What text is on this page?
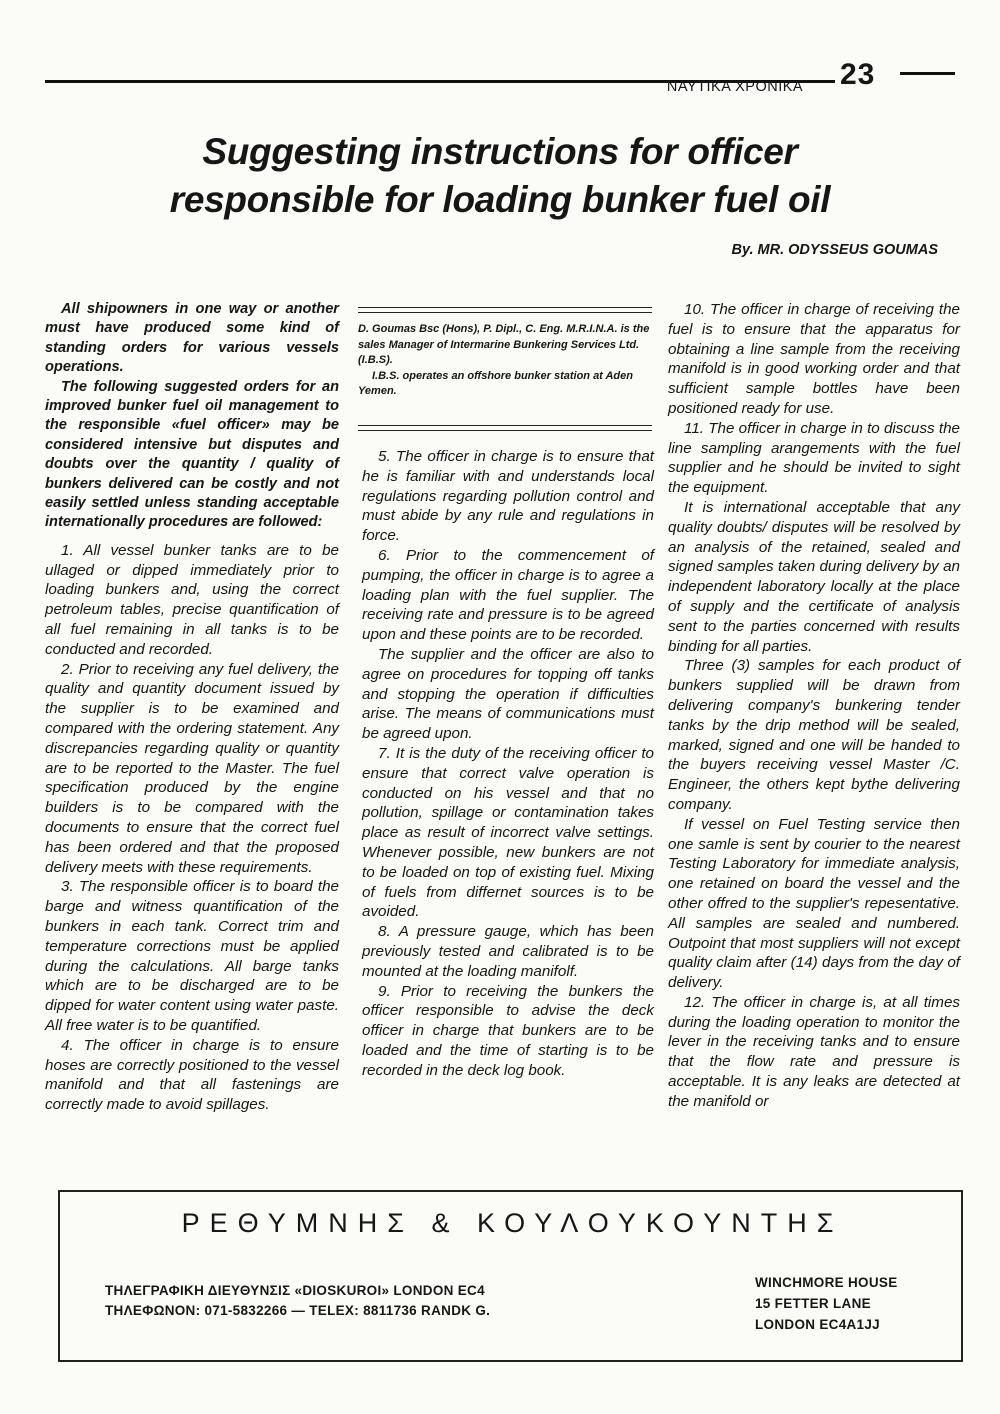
ΝΑΥΤΙΚΑ ΧΡΟΝΙΚΑ	23
Suggesting instructions for officer
responsible for loading bunker fuel oil
By. MR. ODYSSEUS GOUMAS

All shipowners in one way or another must have produced some kind of standing orders for various vessels operations.

The following suggested orders for an improved bunker fuel oil management to the responsible «fuel officer» may be considered intensive but disputes and doubts over the quantity / quality of bunkers delivered can be costly and not easily settled unless standing acceptable internationally procedures are followed:

1. All vessel bunker tanks are to be ullaged or dipped immediately prior to loading bunkers and, using the correct petroleum tables, precise quantification of all fuel remaining in all tanks is to be conducted and recorded.

2. Prior to receiving any fuel delivery, the quality and quantity document issued by the supplier is to be examined and compared with the ordering statement. Any discrepancies regarding quality or quantity are to be reported to the Master. The fuel specification produced by the engine builders is to be compared with the documents to ensure that the correct fuel has been ordered and that the proposed delivery meets with these requirements.

3. The responsible officer is to board the barge and witness quantification of the bunkers in each tank. Correct trim and temperature corrections must be applied during the calculations. All barge tanks which are to be discharged are to be dipped for water content using water paste. All free water is to be quantified.

4. The officer in charge is to ensure hoses are correctly positioned to the vessel manifold and that all fastenings are correctly made to avoid spillages.

D. Goumas Bsc (Hons), P. Dipl., C. Eng. M.R.I.N.A. is the sales Manager of Intermarine Bunkering Services Ltd. (I.B.S).

I.B.S. operates an offshore bunker station at Aden Yemen.

5. The officer in charge is to ensure that he is familiar with and understands local regulations regarding pollution control and must abide by any rule and regulations in force.

6. Prior to the commencement of pumping, the officer in charge is to agree a loading plan with the fuel supplier. The receiving rate and pressure is to be agreed upon and these points are to be recorded.

The supplier and the officer are also to agree on procedures for topping off tanks and stopping the operation if difficulties arise. The means of communications must be agreed upon.

7. It is the duty of the receiving officer to ensure that correct valve operation is conducted on his vessel and that no pollution, spillage or contamination takes place as result of incorrect valve settings. Whenever possible, new bunkers are not to be loaded on top of existing fuel. Mixing of fuels from differnet sources is to be avoided.

8. A pressure gauge, which has been previously tested and calibrated is to be mounted at the loading manifolf.

9. Prior to receiving the bunkers the officer responsible to advise the deck officer in charge that bunkers are to be loaded and the time of starting is to be recorded in the deck log book.

10. The officer in charge of receiving the fuel is to ensure that the apparatus for obtaining a line sample from the receiving manifold is in good working order and that sufficient sample bottles have been positioned ready for use.

11. The officer in charge in to discuss the line sampling arangements with the fuel supplier and he should be invited to sight the equipment.

It is international acceptable that any quality doubts/ disputes will be resolved by an analysis of the retained, sealed and signed samples taken during delivery by an independent laboratory locally at the place of supply and the certificate of analysis sent to the parties concerned with results binding for all parties.

Three (3) samples for each product of bunkers supplied will be drawn from delivering company's bunkering tender tanks by the drip method will be sealed, marked, signed and one will be handed to the buyers receiving vessel Master /C. Engineer, the others kept bythe delivering company.

If vessel on Fuel Testing service then one samle is sent by courier to the nearest Testing Laboratory for immediate analysis, one retained on board the vessel and the other offred to the supplier's repesentative. All samples are sealed and numbered. Outpoint that most suppliers will not except quality claim after (14) days from the day of delivery.

12. The officer in charge is, at all times during the loading operation to monitor the lever in the receiving tanks and to ensure that the flow rate and pressure is acceptable. It is any leaks are detected at the manifold or

ΡΕΘΥΜΝΗΣ & ΚΟΥΛΟΥΚΟΥΝΤΗΣ
ΤΗΛΕΓΡΑΦΙΚΗ ΔΙΕΥΘΥΝΣΙΣ «DIOSKUROI» LONDON EC4
ΤΗΛΕΦΩΝΟΝ: 071-5832266 — TELEX: 8811736 RANDK G.
WINCHMORE HOUSE
15 FETTER LANE
LONDON EC4A1JJ
